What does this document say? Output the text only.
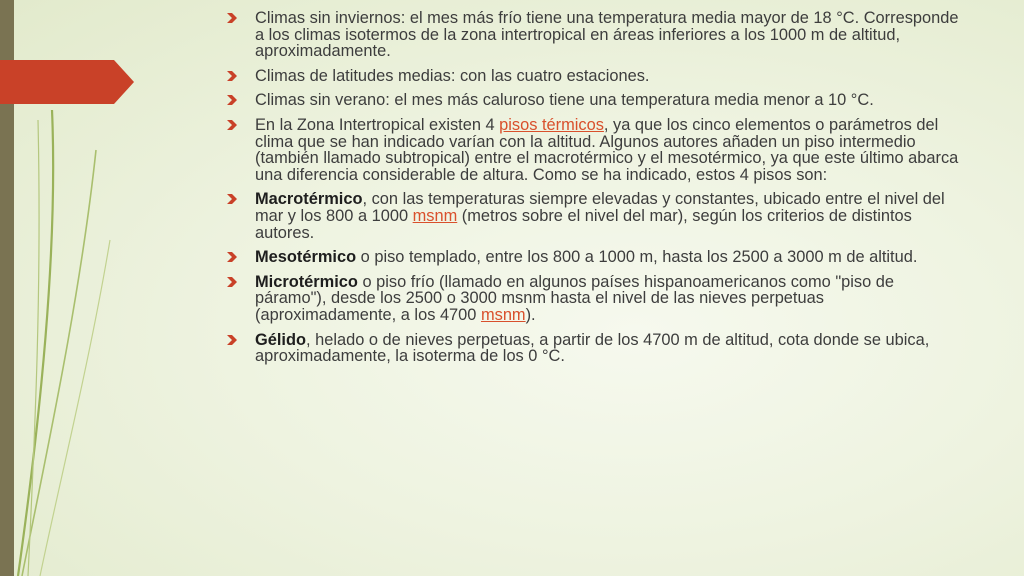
Climas sin inviernos: el mes más frío tiene una temperatura media mayor de 18 °C. Corresponde a los climas isotermos de la zona intertropical en áreas inferiores a los 1000 m de altitud, aproximadamente.
Climas de latitudes medias: con las cuatro estaciones.
Climas sin verano: el mes más caluroso tiene una temperatura media menor a 10 °C.
En la Zona Intertropical existen 4 pisos térmicos, ya que los cinco elementos o parámetros del clima que se han indicado varían con la altitud. Algunos autores añaden un piso intermedio (también llamado subtropical) entre el macrotérmico y el mesotérmico, ya que este último abarca una diferencia considerable de altura. Como se ha indicado, estos 4 pisos son:
Macrotérmico, con las temperaturas siempre elevadas y constantes, ubicado entre el nivel del mar y los 800 a 1000 msnm (metros sobre el nivel del mar), según los criterios de distintos autores.
Mesotérmico o piso templado, entre los 800 a 1000 m, hasta los 2500 a 3000 m de altitud.
Microtérmico o piso frío (llamado en algunos países hispanoamericanos como "piso de páramo"), desde los 2500 o 3000 msnm hasta el nivel de las nieves perpetuas (aproximadamente, a los 4700 msnm).
Gélido, helado o de nieves perpetuas, a partir de los 4700 m de altitud, cota donde se ubica, aproximadamente, la isoterma de los 0 °C.
